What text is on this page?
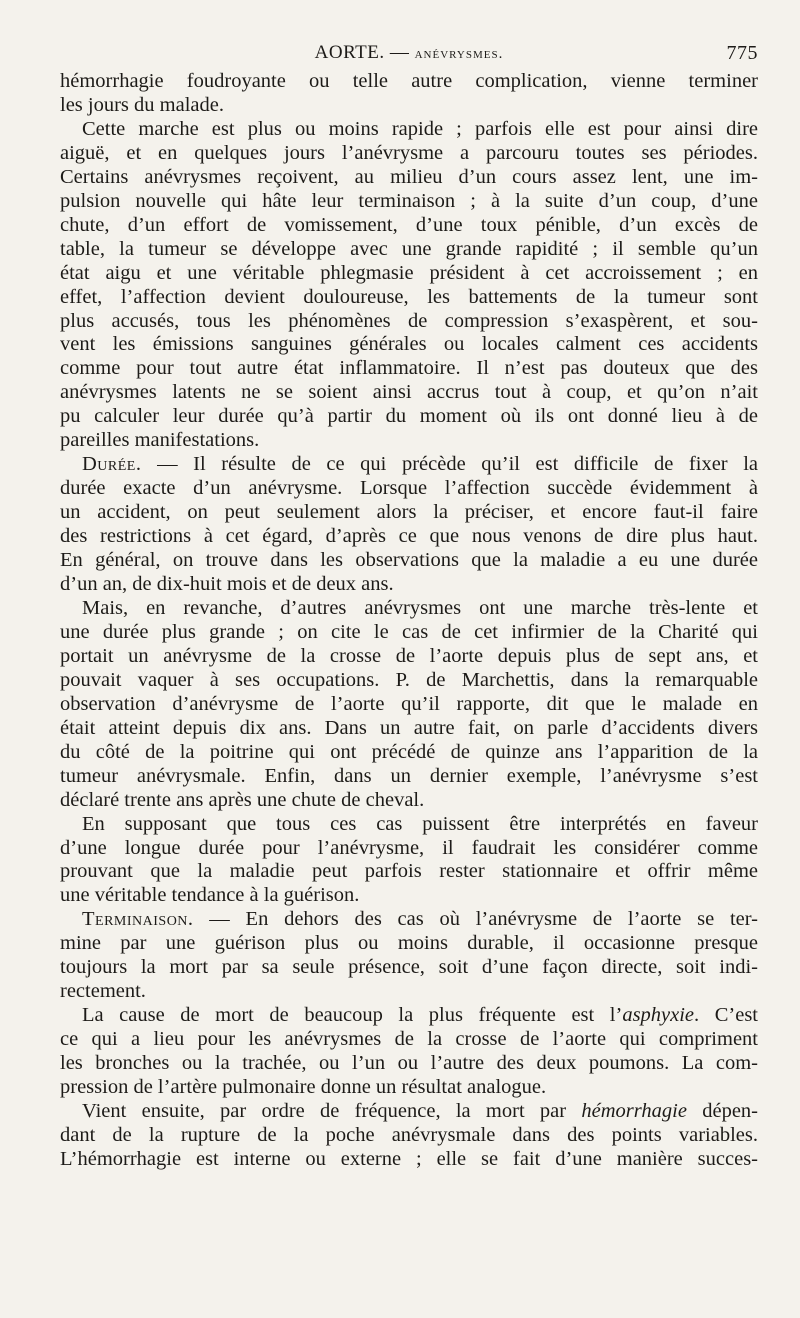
AORTE. — anévrysmes.	775

hémorrhagie foudroyante ou telle autre complication, vienne terminer
les jours du malade.

Cette marche est plus ou moins rapide ; parfois elle est pour ainsi dire
aiguë, et en quelques jours l’anévrysme a parcouru toutes ses périodes.
Certains anévrysmes reçoivent, au milieu d’un cours assez lent, une im-
pulsion nouvelle qui hâte leur terminaison ; à la suite d’un coup, d’une
chute, d’un effort de vomissement, d’une toux pénible, d’un excès de
table, la tumeur se développe avec une grande rapidité ; il semble qu’un
état aigu et une véritable phlegmasie président à cet accroissement ; en
effet, l’affection devient douloureuse, les battements de la tumeur sont
plus accusés, tous les phénomènes de compression s’exaspèrent, et sou-
vent les émissions sanguines générales ou locales calment ces accidents
comme pour tout autre état inflammatoire. Il n’est pas douteux que des
anévrysmes latents ne se soient ainsi accrus tout à coup, et qu’on n’ait
pu calculer leur durée qu’à partir du moment où ils ont donné lieu à de
pareilles manifestations.

Durée. — Il résulte de ce qui précède qu’il est difficile de fixer la
durée exacte d’un anévrysme. Lorsque l’affection succède évidemment à
un accident, on peut seulement alors la préciser, et encore faut-il faire
des restrictions à cet égard, d’après ce que nous venons de dire plus haut.
En général, on trouve dans les observations que la maladie a eu une durée
d’un an, de dix-huit mois et de deux ans.

Mais, en revanche, d’autres anévrysmes ont une marche très-lente et
une durée plus grande ; on cite le cas de cet infirmier de la Charité qui
portait un anévrysme de la crosse de l’aorte depuis plus de sept ans, et
pouvait vaquer à ses occupations. P. de Marchettis, dans la remarquable
observation d’anévrysme de l’aorte qu’il rapporte, dit que le malade en
était atteint depuis dix ans. Dans un autre fait, on parle d’accidents divers
du côté de la poitrine qui ont précédé de quinze ans l’apparition de la
tumeur anévrysmale. Enfin, dans un dernier exemple, l’anévrysme s’est
déclaré trente ans après une chute de cheval.

En supposant que tous ces cas puissent être interprétés en faveur
d’une longue durée pour l’anévrysme, il faudrait les considérer comme
prouvant que la maladie peut parfois rester stationnaire et offrir même
une véritable tendance à la guérison.

Terminaison. — En dehors des cas où l’anévrysme de l’aorte se ter-
mine par une guérison plus ou moins durable, il occasionne presque
toujours la mort par sa seule présence, soit d’une façon directe, soit indi-
rectement.

La cause de mort de beaucoup la plus fréquente est l’asphyxie. C’est
ce qui a lieu pour les anévrysmes de la crosse de l’aorte qui compriment
les bronches ou la trachée, ou l’un ou l’autre des deux poumons. La com-
pression de l’artère pulmonaire donne un résultat analogue.

Vient ensuite, par ordre de fréquence, la mort par hémorrhagie dépen-
dant de la rupture de la poche anévrysmale dans des points variables.
L’hémorrhagie est interne ou externe ; elle se fait d’une manière succes-
